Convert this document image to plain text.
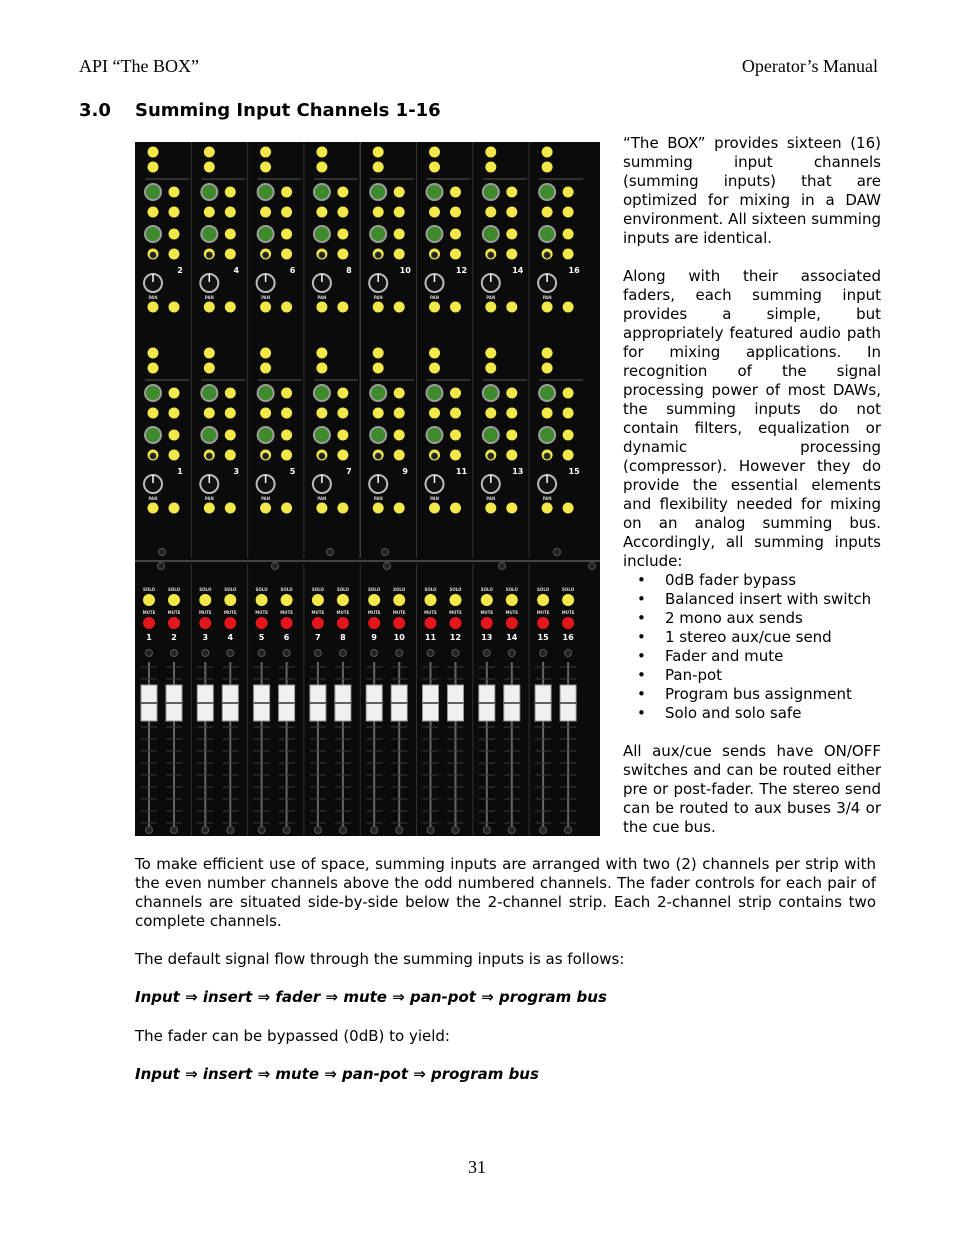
API “The BOX”	Operator’s Manual
3.0 Summing Input Channels 1-16
2
PAN
4
PAN
6
PAN
8
PAN
10
PAN
12
PAN
14
PAN
16
PAN
1
PAN
3
PAN
5
PAN
7
PAN
9
PAN
11
PAN
13
PAN
15
PAN
SOLO
MUTE
1
SOLO
MUTE
2
SOLO
MUTE
3
SOLO
MUTE
4
SOLO
MUTE
5
SOLO
MUTE
6
SOLO
MUTE
7
SOLO
MUTE
8
SOLO
MUTE
9
SOLO
MUTE
10
SOLO
MUTE
11
SOLO
MUTE
12
SOLO
MUTE
13
SOLO
MUTE
14
SOLO
MUTE
15
SOLO
MUTE
16

“The BOX” provides sixteen (16) summing input channels (summing inputs) that are optimized for mixing in a DAW environment. All sixteen summing inputs are identical.

Along with their associated faders, each summing input provides a simple, but appropriately featured audio path for mixing applications. In recognition of the signal processing power of most DAWs, the summing inputs do not contain filters, equalization or dynamic processing (compressor). However they do provide the essential elements and flexibility needed for mixing on an analog summing bus. Accordingly, all summing inputs include:

• 0dB fader bypass
• Balanced insert with switch
• 2 mono aux sends
• 1 stereo aux/cue send
• Fader and mute
• Pan-pot
• Program bus assignment
• Solo and solo safe

All aux/cue sends have ON/OFF switches and can be routed either pre or post-fader. The stereo send can be routed to aux buses 3/4 or the cue bus.

To make efficient use of space, summing inputs are arranged with two (2) channels per strip with the even number channels above the odd numbered channels. The fader controls for each pair of channels are situated side-by-side below the 2-channel strip. Each 2-channel strip contains two complete channels.
The default signal flow through the summing inputs is as follows:
Input ⇒ insert ⇒ fader ⇒ mute ⇒ pan-pot ⇒ program bus
The fader can be bypassed (0dB) to yield:
Input ⇒ insert ⇒ mute ⇒ pan-pot ⇒ program bus
31
